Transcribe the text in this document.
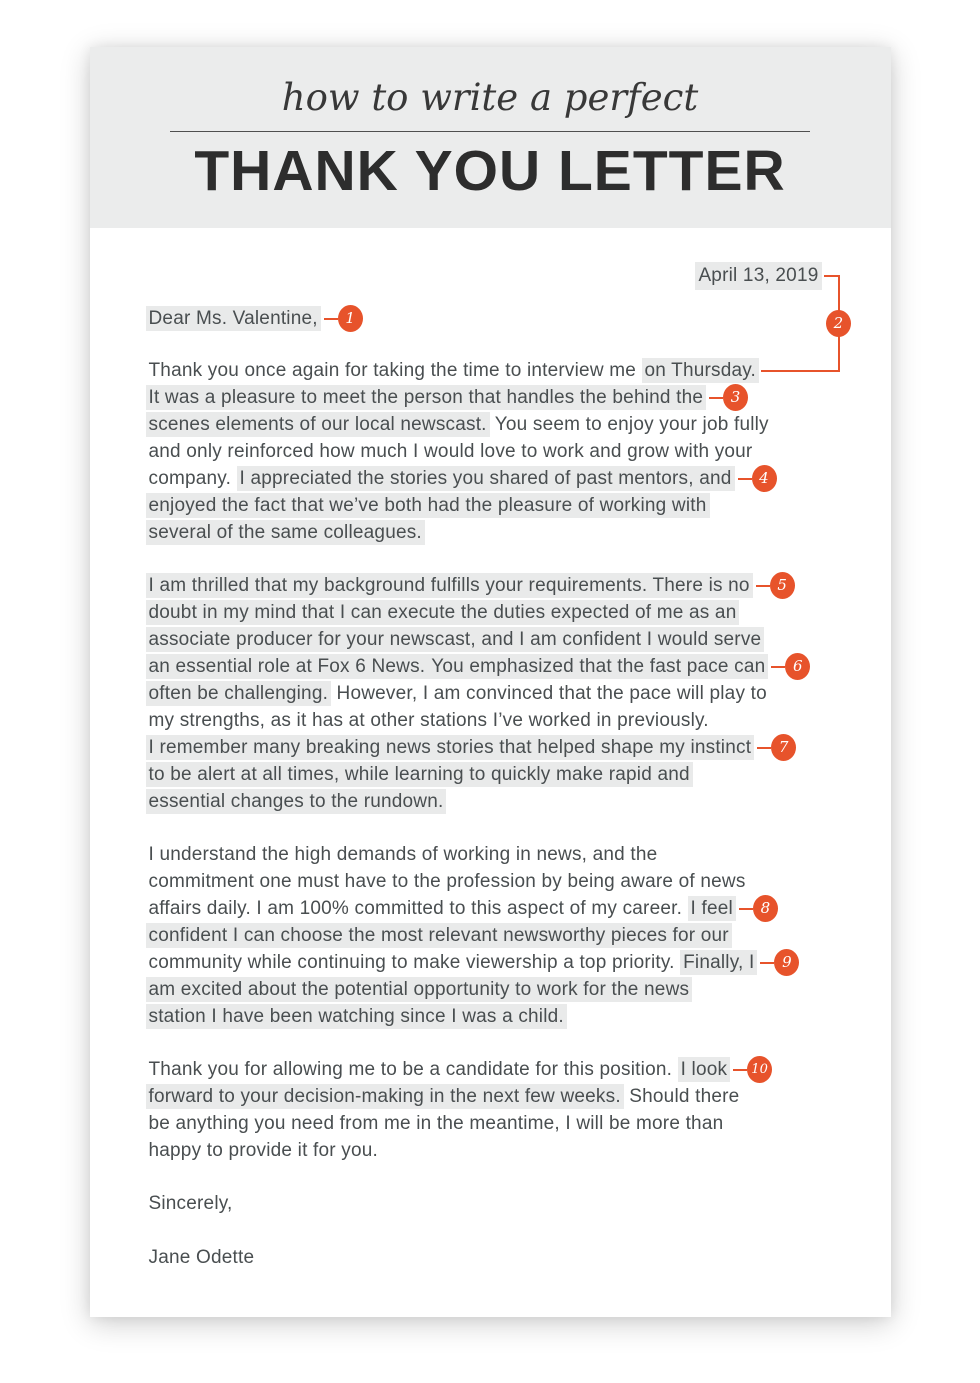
how to write a perfect
THANK YOU LETTER
April 13, 2019
2
Dear Ms. Valentine,	1
Thank you once again for taking the time to interview me on Thursday.
It was a pleasure to meet the person that handles the behind the	3
scenes elements of our local newscast. You seem to enjoy your job fully
and only reinforced how much I would love to work and grow with your
company. I appreciated the stories you shared of past mentors, and	4
enjoyed the fact that we’ve both had the pleasure of working with
several of the same colleagues.
I am thrilled that my background fulfills your requirements. There is no	5
doubt in my mind that I can execute the duties expected of me as an
associate producer for your newscast, and I am confident I would serve
an essential role at Fox 6 News. You emphasized that the fast pace can	6
often be challenging. However, I am convinced that the pace will play to
my strengths, as it has at other stations I’ve worked in previously.
I remember many breaking news stories that helped shape my instinct	7
to be alert at all times, while learning to quickly make rapid and
essential changes to the rundown.
I understand the high demands of working in news, and the
commitment one must have to the profession by being aware of news
affairs daily. I am 100% committed to this aspect of my career. I feel	8
confident I can choose the most relevant newsworthy pieces for our
community while continuing to make viewership a top priority. Finally, I	9
am excited about the potential opportunity to work for the news
station I have been watching since I was a child.
Thank you for allowing me to be a candidate for this position. I look	10
forward to your decision-making in the next few weeks. Should there
be anything you need from me in the meantime, I will be more than
happy to provide it for you.
Sincerely,
Jane Odette
